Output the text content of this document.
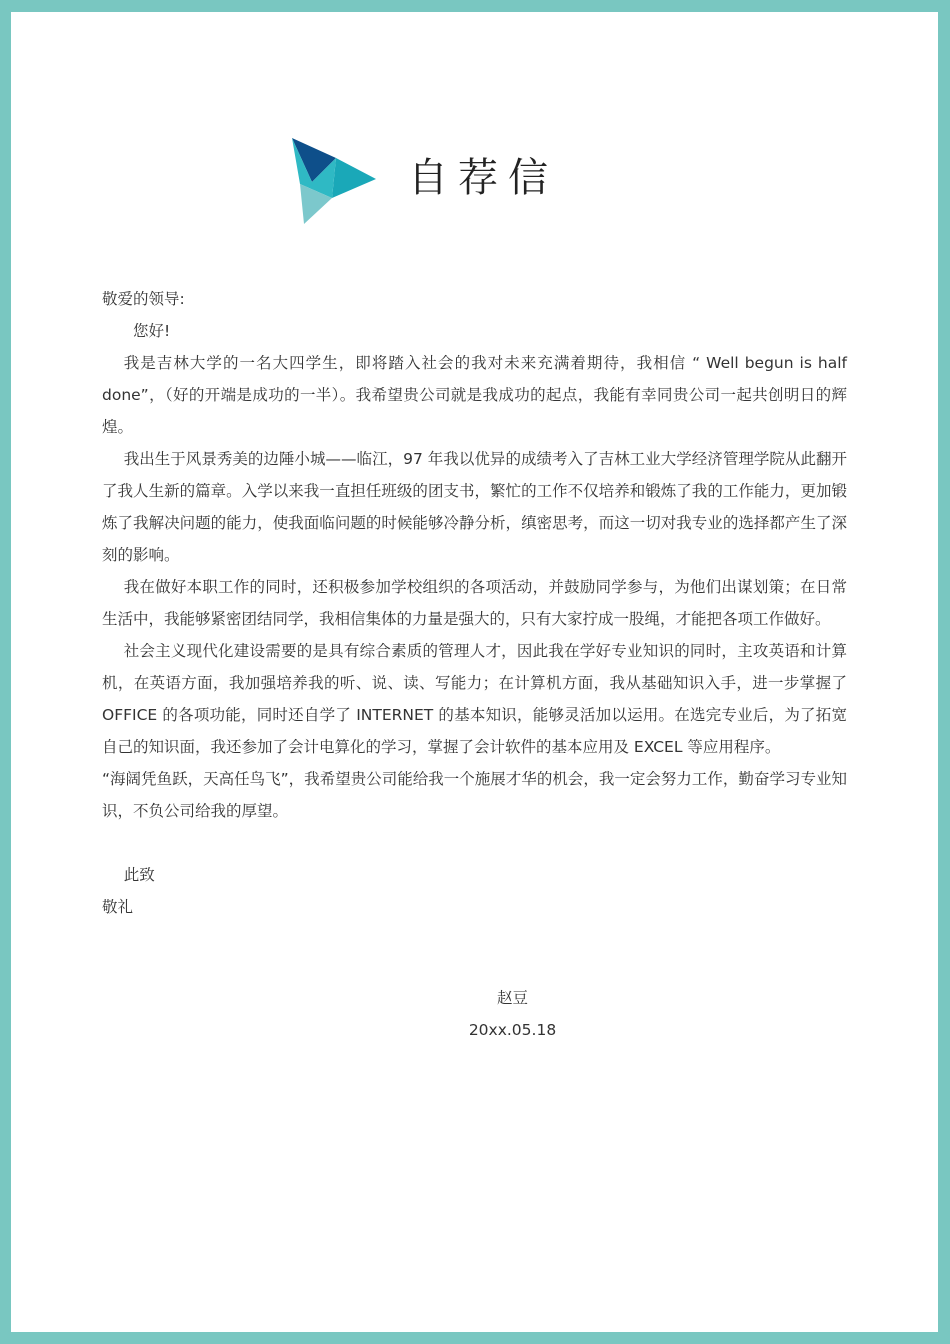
自荐信

敬爱的领导:

您好!

我是吉林大学的一名大四学生，即将踏入社会的我对未来充满着期待，我相信 “ Well begun is half done”，（好的开端是成功的一半）。我希望贵公司就是我成功的起点，我能有幸同贵公司一起共创明日的辉煌。

我出生于风景秀美的边陲小城——临江，97 年我以优异的成绩考入了吉林工业大学经济管理学院从此翻开了我人生新的篇章。入学以来我一直担任班级的团支书，繁忙的工作不仅培养和锻炼了我的工作能力，更加锻炼了我解决问题的能力，使我面临问题的时候能够冷静分析，缜密思考，而这一切对我专业的选择都产生了深刻的影响。

我在做好本职工作的同时，还积极参加学校组织的各项活动，并鼓励同学参与，为他们出谋划策；在日常生活中，我能够紧密团结同学，我相信集体的力量是强大的，只有大家拧成一股绳，才能把各项工作做好。

社会主义现代化建设需要的是具有综合素质的管理人才，因此我在学好专业知识的同时，主攻英语和计算机，在英语方面，我加强培养我的听、说、读、写能力；在计算机方面，我从基础知识入手，进一步掌握了 OFFICE 的各项功能，同时还自学了 INTERNET 的基本知识，能够灵活加以运用。在选完专业后，为了拓宽自己的知识面，我还参加了会计电算化的学习，掌握了会计软件的基本应用及 EXCEL 等应用程序。

“海阔凭鱼跃，天高任鸟飞”，我希望贵公司能给我一个施展才华的机会，我一定会努力工作，勤奋学习专业知识，不负公司给我的厚望。

此致

敬礼

赵豆
20xx.05.18
